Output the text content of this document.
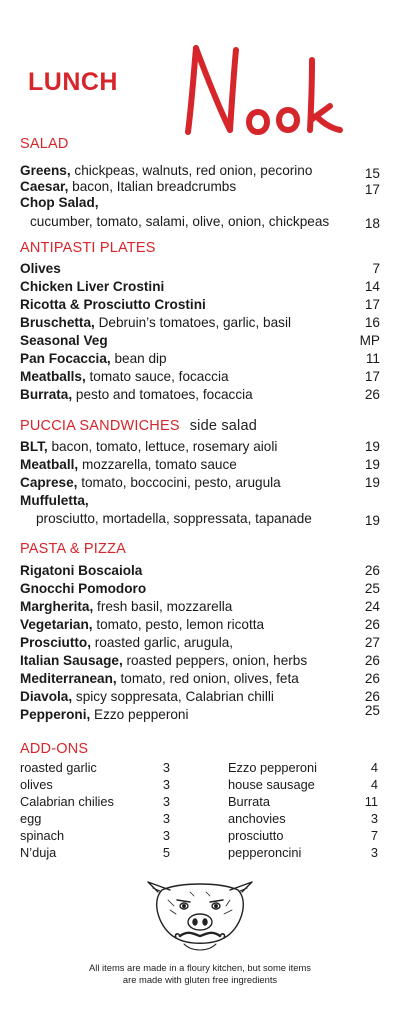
LUNCH
SALAD
Greens, chickpeas, walnuts, red onion, pecorino	15
Caesar, bacon, Italian breadcrumbs	17
Chop Salad,
cucumber, tomato, salami, olive, onion, chickpeas	18
ANTIPASTI PLATES
Olives	7
Chicken Liver Crostini	14
Ricotta & Prosciutto Crostini	17
Bruschetta, Debruin’s tomatoes, garlic, basil	16
Seasonal Veg	MP
Pan Focaccia, bean dip	11
Meatballs, tomato sauce, focaccia	17
Burrata, pesto and tomatoes, focaccia	26
PUCCIA SANDWICHES side salad
BLT, bacon, tomato, lettuce, rosemary aioli	19
Meatball, mozzarella, tomato sauce	19
Caprese, tomato, boccocini, pesto, arugula	19
Muffuletta,
prosciutto, mortadella, soppressata, tapanade	19
PASTA & PIZZA
Rigatoni Boscaiola	26
Gnocchi Pomodoro	25
Margherita, fresh basil, mozzarella	24
Vegetarian, tomato, pesto, lemon ricotta	26
Prosciutto, roasted garlic, arugula,	27
Italian Sausage, roasted peppers, onion, herbs	26
Mediterranean, tomato, red onion, olives, feta	26
Diavola, spicy soppresata, Calabrian chilli	26
Pepperoni, Ezzo pepperoni	25
ADD-ONS
roasted garlic	3
olives	3
Calabrian chilies	3
egg	3
spinach	3
N’duja	5
Ezzo pepperoni	4
house sausage	4
Burrata	11
anchovies	3
prosciutto	7
pepperoncini	3
All items are made in a floury kitchen, but some items
are made with gluten free ingredients
